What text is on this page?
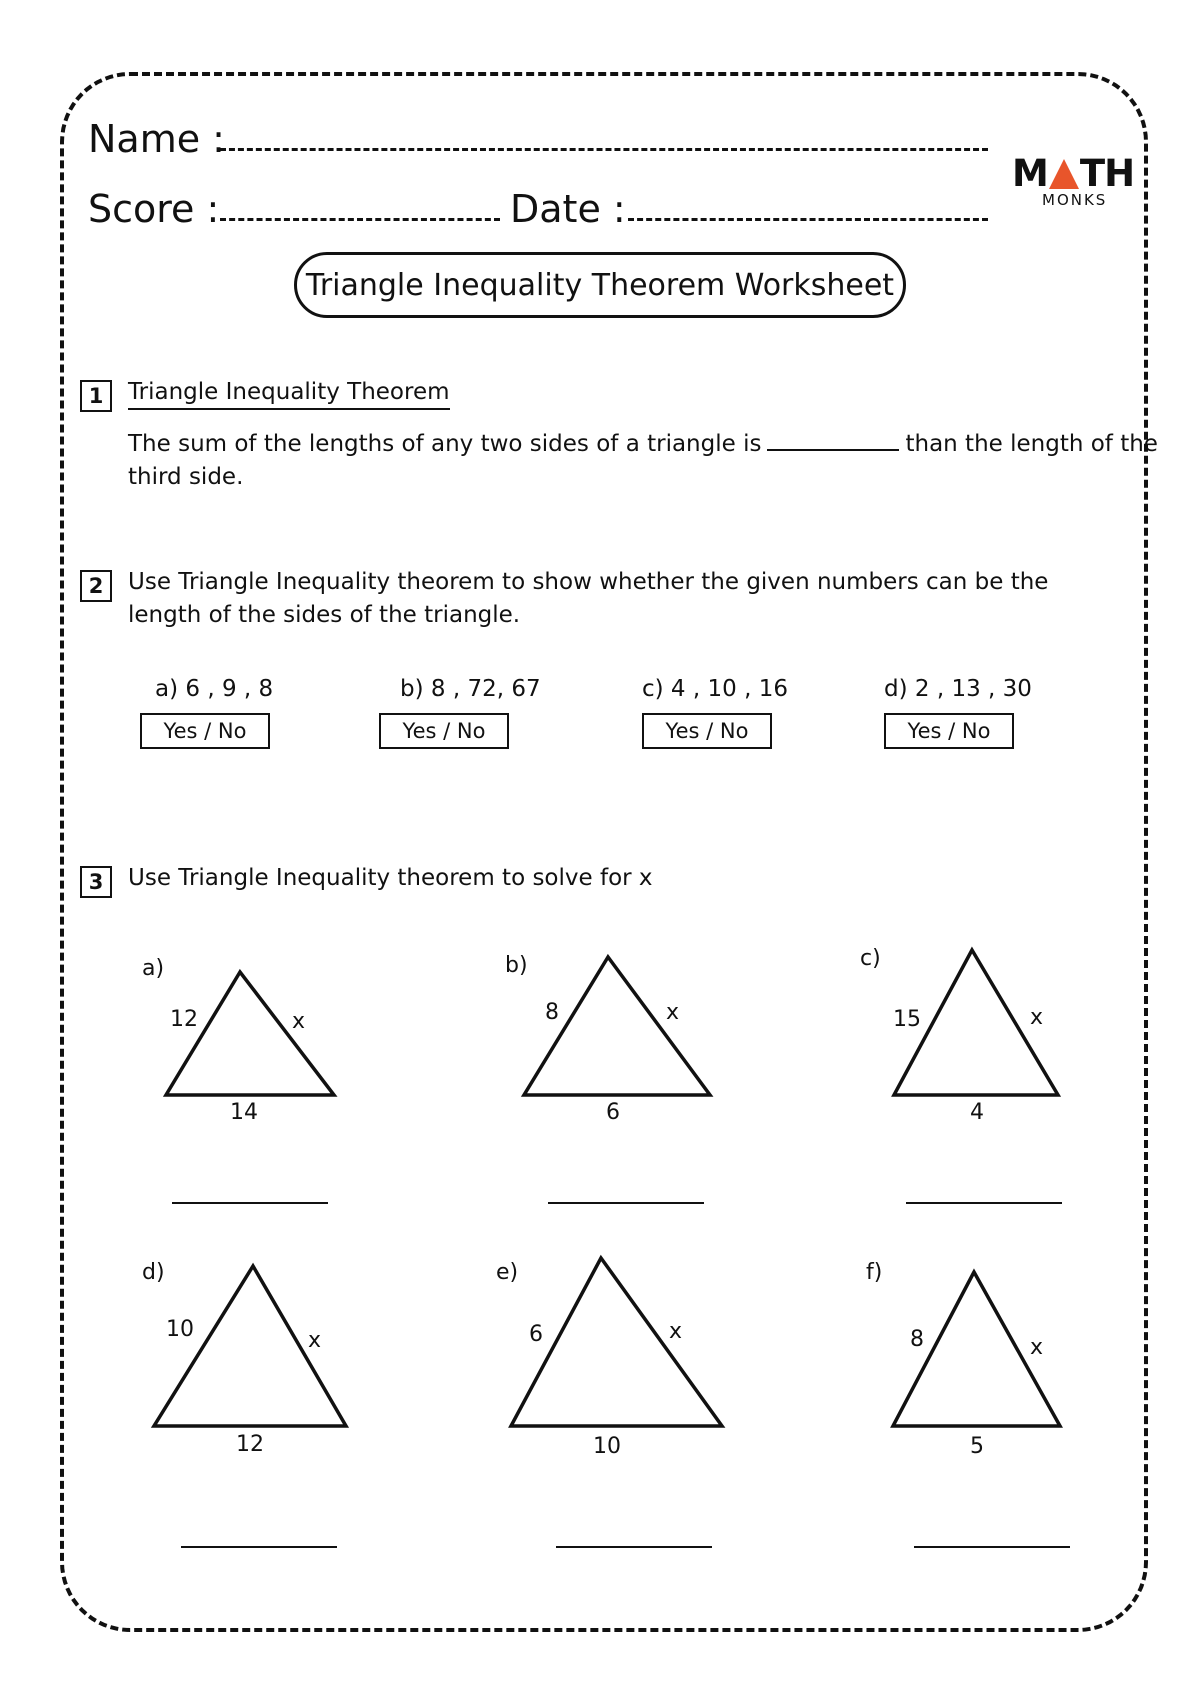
Name :
Score :	Date :
M TH
MONKS
Triangle Inequality Theorem Worksheet
1	Triangle Inequality Theorem
The sum of the lengths of any two sides of a triangle is	than the length of the
third side.
2	Use Triangle Inequality theorem to show whether the given numbers can be the
length of the sides of the triangle.
a) 6 , 9 , 8
Yes / No
b) 8 , 72, 67
Yes / No
c) 4 , 10 , 16
Yes / No
d) 2 , 13 , 30
Yes / No
3	Use Triangle Inequality theorem to solve for x
a)
12	x
14
b)
8	x
6
c)
15	x
4
d)
10	x
12
e)
6	x
10
f)
8	x
5
